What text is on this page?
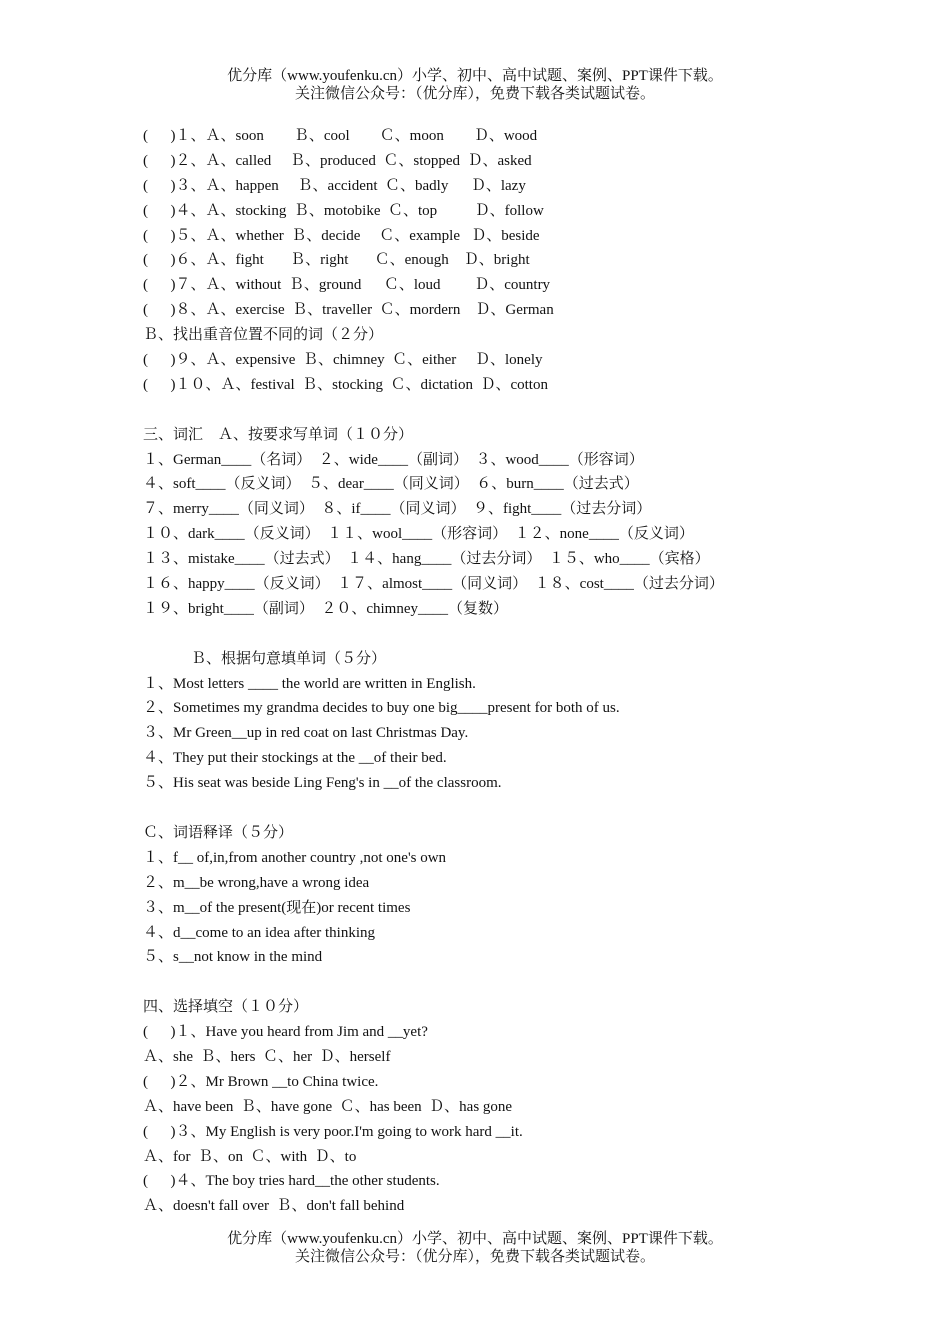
优分库（www.youfenku.cn）小学、初中、高中试题、案例、PPT课件下载。
关注微信公众号：（优分库），免费下载各类试题试卷。
(      )１、Ａ、soon        Ｂ、cool        Ｃ、moon        Ｄ、wood
(      )２、Ａ、called     Ｂ、produced  Ｃ、stopped  Ｄ、asked
(      )３、Ａ、happen     Ｂ、accident  Ｃ、badly      Ｄ、lazy
(      )４、Ａ、stocking  Ｂ、motobike  Ｃ、top          Ｄ、follow
(      )５、Ａ、whether  Ｂ、decide     Ｃ、example   Ｄ、beside
(      )６、Ａ、fight       Ｂ、right       Ｃ、enough    Ｄ、bright
(      )７、Ａ、without  Ｂ、ground      Ｃ、loud         Ｄ、country
(      )８、Ａ、exercise  Ｂ、traveller  Ｃ、mordern    Ｄ、German
Ｂ、找出重音位置不同的词（２分）
(      )９、Ａ、expensive  Ｂ、chimney  Ｃ、either     Ｄ、lonely
(      )１０、Ａ、festival  Ｂ、stocking  Ｃ、dictation  Ｄ、cotton
三、词汇    Ａ、按要求写单词（１０分）
１、German____（名词）  ２、wide____（副词）  ３、wood____（形容词）
４、soft____（反义词）  ５、dear____（同义词）  ６、burn____（过去式）
７、merry____（同义词）  ８、if____（同义词）  ９、fight____（过去分词）
１０、dark____（反义词）  １１、wool____（形容词）  １２、none____（反义词）
１３、mistake____（过去式）  １４、hang____（过去分词）  １５、who____（宾格）
１６、happy____（反义词）  １７、almost____（同义词）  １８、cost____（过去分词）
１９、bright____（副词）  ２０、chimney____（复数）
Ｂ、根据句意填单词（５分）
１、Most letters ____ the world are written in English.
２、Sometimes my grandma decides to buy one big____present for both of us.
３、Mr Green__up in red coat on last Christmas Day.
４、They put their stockings at the __of their bed.
５、His seat was beside Ling Feng's in __of the classroom.
Ｃ、词语释译（５分）
１、f__ of,in,from another country ,not one's own
２、m__be wrong,have a wrong idea
３、m__of the present(现在)or recent times
４、d__come to an idea after thinking
５、s__not know in the mind
四、选择填空（１０分）
(      )１、Have you heard from Jim and __yet?
Ａ、she  Ｂ、hers  Ｃ、her  Ｄ、herself
(      )２、Mr Brown __to China twice.
Ａ、have been  Ｂ、have gone  Ｃ、has been  Ｄ、has gone
(      )３、My English is very poor.I'm going to work hard __it.
Ａ、for  Ｂ、on  Ｃ、with  Ｄ、to
(      )４、The boy tries hard__the other students.
Ａ、doesn't fall over  Ｂ、don't fall behind
优分库（www.youfenku.cn）小学、初中、高中试题、案例、PPT课件下载。
关注微信公众号：（优分库），免费下载各类试题试卷。
